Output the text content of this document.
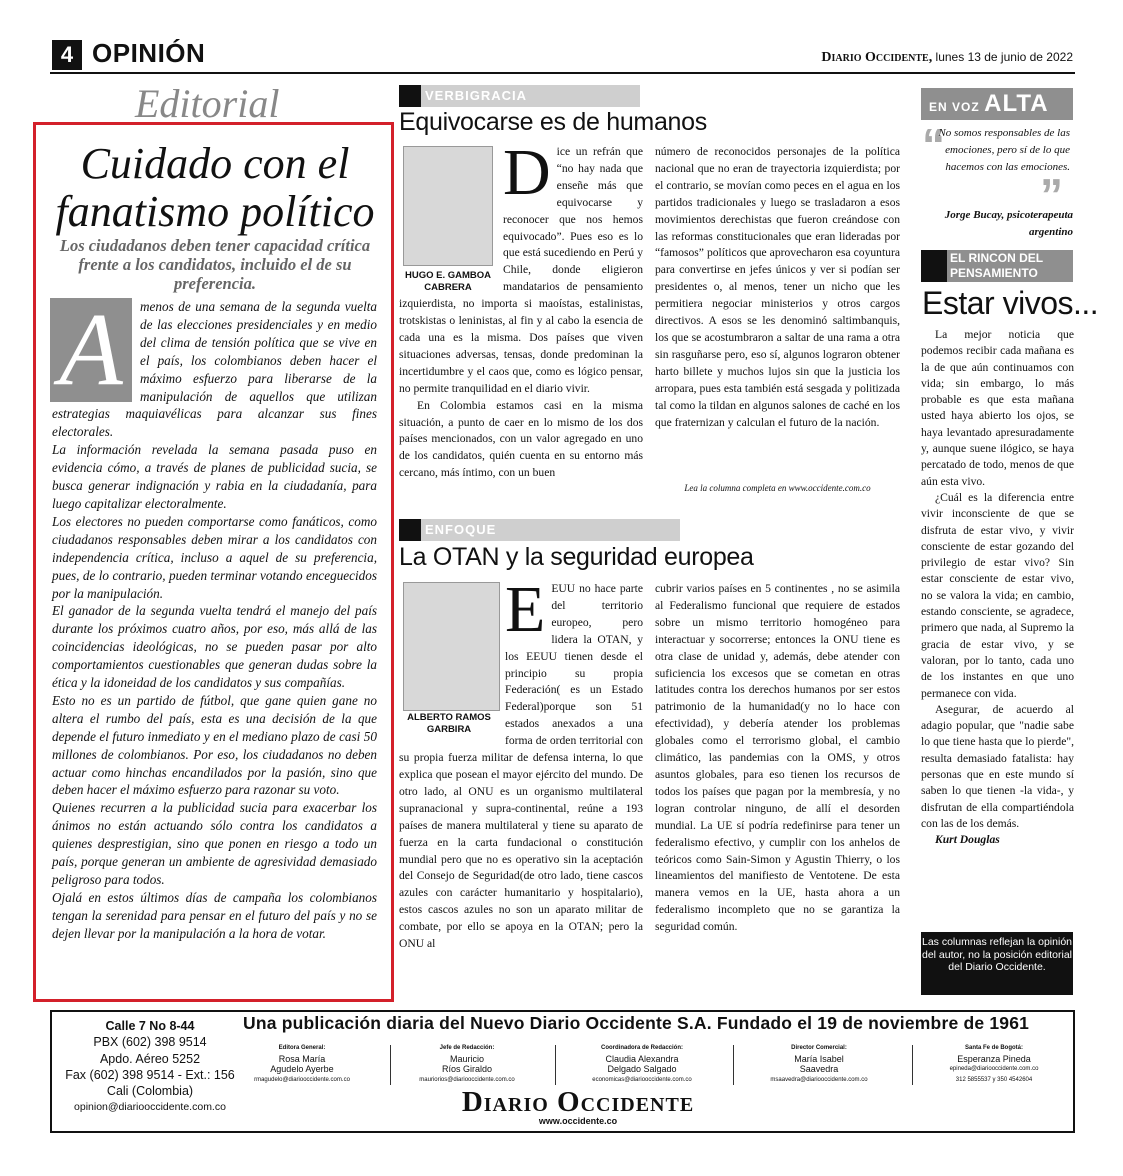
4 OPINIÓN	Diario Occidente, lunes 13 de junio de 2022
Editorial
Cuidado con el
fanatismo político
Los ciudadanos deben tener capacidad crítica frente a los candidatos, incluido el de su preferencia.
A	menos de una semana de la segunda vuelta de las elecciones presidenciales y en medio del clima de tensión política que se vive en el país, los colombianos deben hacer el máximo esfuerzo para liberarse de la manipulación de aquellos que utilizan estrategias maquiavélicas para alcanzar sus fines electorales.

La información revelada la semana pasada puso en evidencia cómo, a través de planes de publicidad sucia, se busca generar indignación y rabia en la ciudadanía, para luego capitalizar electoralmente.

Los electores no pueden comportarse como fanáticos, como ciudadanos responsables deben mirar a los candidatos con independencia crítica, incluso a aquel de su preferencia, pues, de lo contrario, pueden terminar votando enceguecidos por la manipulación.

El ganador de la segunda vuelta tendrá el manejo del país durante los próximos cuatro años, por eso, más allá de las coincidencias ideológicas, no se pueden pasar por alto comportamientos cuestionables que generan dudas sobre la ética y la idoneidad de los candidatos y sus compañías.

Esto no es un partido de fútbol, que gane quien gane no altera el rumbo del país, esta es una decisión de la que depende el futuro inmediato y en el mediano plazo de casi 50 millones de colombianos. Por eso, los ciudadanos no deben actuar como hinchas encandilados por la pasión, sino que deben hacer el máximo esfuerzo para razonar su voto.

Quienes recurren a la publicidad sucia para exacerbar los ánimos no están actuando sólo contra los candidatos a quienes desprestigian, sino que ponen en riesgo a todo un país, porque generan un ambiente de agresividad demasiado peligroso para todos.

Ojalá en estos últimos días de campaña los colombianos tengan la serenidad para pensar en el futuro del país y no se dejen llevar por la manipulación a la hora de votar.

VERBIGRACIA
Equivocarse es de humanos
HUGO E. GAMBOA
CABRERA
D ice un refrán que “no hay nada que enseñe más que equivocarse y reconocer que nos hemos equivocado”. Pues eso es lo que está sucediendo en Perú y Chile, donde eligieron mandatarios de pensamiento izquierdista, no importa si maoístas, estalinistas, trotskistas o leninistas, al fin y al cabo la esencia de cada una es la misma. Dos países que viven situaciones adversas, tensas, donde predominan la incertidumbre y el caos que, como es lógico pensar, no permite tranquilidad en el diario vivir.

En Colombia estamos casi en la misma situación, a punto de caer en lo mismo de los dos países mencionados, con un valor agregado en uno de los candidatos, quién cuenta en su entorno más cercano, más íntimo, con un buen

número de reconocidos personajes de la política nacional que no eran de trayectoria izquierdista; por el contrario, se movían como peces en el agua en los partidos tradicionales y luego se trasladaron a esos movimientos derechistas que fueron creándose con las reformas constitucionales que eran lideradas por “famosos” políticos que aprovecharon esa coyuntura para convertirse en jefes únicos y ver si podían ser presidentes o, al menos, tener un nicho que les permitiera negociar ministerios y otros cargos directivos. A esos se les denominó saltimbanquis, los que se acostumbraron a saltar de una rama a otra sin rasguñarse pero, eso sí, algunos lograron obtener harto billete y muchos lujos sin que la justicia los arropara, pues esta también está sesgada y politizada tal como la tildan en algunos salones de caché en los que fraternizan y calculan el futuro de la nación.

Lea la columna completa en www.occidente.com.co
ENFOQUE
La OTAN y la seguridad europea
ALBERTO RAMOS
GARBIRA
E EUU no hace parte del territorio europeo, pero lidera la OTAN, y los EEUU tienen desde el principio su propia Federación( es un Estado Federal)porque son 51 estados anexados a una forma de orden territorial con su propia fuerza militar de defensa interna, lo que explica que posean el mayor ejército del mundo. De otro lado, al ONU es un organismo multilateral supranacional y supra-continental, reúne a 193 países de manera multilateral y tiene su aparato de fuerza en la carta fundacional o constitución mundial pero que no es operativo sin la aceptación del Consejo de Seguridad(de otro lado, tiene cascos azules con carácter humanitario y hospitalario), estos cascos azules no son un aparato militar de combate, por ello se apoya en la OTAN; pero la ONU al

cubrir varios países en 5 continentes , no se asimila al Federalismo funcional que requiere de estados sobre un mismo territorio homogéneo para interactuar y socorrerse; entonces la ONU tiene es otra clase de unidad y, además, debe atender con suficiencia los excesos que se cometan en otras latitudes contra los derechos humanos por ser estos patrimonio de la humanidad(y no lo hace con efectividad), y debería atender los problemas globales como el terrorismo global, el cambio climático, las pandemias con la OMS, y otros asuntos globales, para eso tienen los recursos de todos los países que pagan por la membresía, y no logran controlar ninguno, de allí el desorden mundial. La UE sí podría redefinirse para tener un federalismo efectivo, y cumplir con los anhelos de teóricos como Sain-Simon y Agustin Thierry, o los lineamientos del manifiesto de Ventotene. De esta manera vemos en la UE, hasta ahora a un federalismo incompleto que no se garantiza la seguridad común.

EN VOZ ALTA
“
”
No somos responsables de las emociones, pero sí de lo que hacemos con las emociones.
Jorge Bucay, psicoterapeuta argentino
EL RINCON DEL PENSAMIENTO
Estar vivos...

La mejor noticia que podemos recibir cada mañana es la de que aún continuamos con vida; sin embargo, lo más probable es que esta mañana usted haya abierto los ojos, se haya levantado apresuradamente y, aunque suene ilógico, se haya percatado de todo, menos de que aún esta vivo.

¿Cuál es la diferencia entre vivir inconsciente de que se disfruta de estar vivo, y vivir consciente de estar gozando del privilegio de estar vivo? Sin estar consciente de estar vivo, no se valora la vida; en cambio, estando consciente, se agradece, primero que nada, al Supremo la gracia de estar vivo, y se valoran, por lo tanto, cada uno de los instantes en que uno permanece con vida.

Asegurar, de acuerdo al adagio popular, que "nadie sabe lo que tiene hasta que lo pierde", resulta demasiado fatalista: hay personas que en este mundo sí saben lo que tienen -la vida-, y disfrutan de ella compartiéndola con las de los demás.

Kurt Douglas

Las columnas reflejan la opinión del autor, no la posición editorial del Diario Occidente.
Calle 7 No 8-44
PBX (602) 398 9514
Apdo. Aéreo 5252
Fax (602) 398 9514 - Ext.: 156
Cali (Colombia)
opinion@diariooccidente.com.co
Una publicación diaria del Nuevo Diario Occidente S.A. Fundado el 19 de noviembre de 1961
Editora General:
Rosa María
Agudelo Ayerbe
rmagudelo@diariooccidente.com.co
Jefe de Redacción:
Mauricio
Ríos Giraldo
mauriorios@diariooccidente.com.co
Coordinadora de Redacción:
Claudia Alexandra
Delgado Salgado
economicas@diariooccidente.com.co
Director Comercial:
María Isabel
Saavedra
msaavedra@diariooccidente.com.co
Santa Fe de Bogotá:
Esperanza Pineda
epineda@diariooccidente.com.co
312 5855537 y 350 4542604
Diario Occidente
www.occidente.co
